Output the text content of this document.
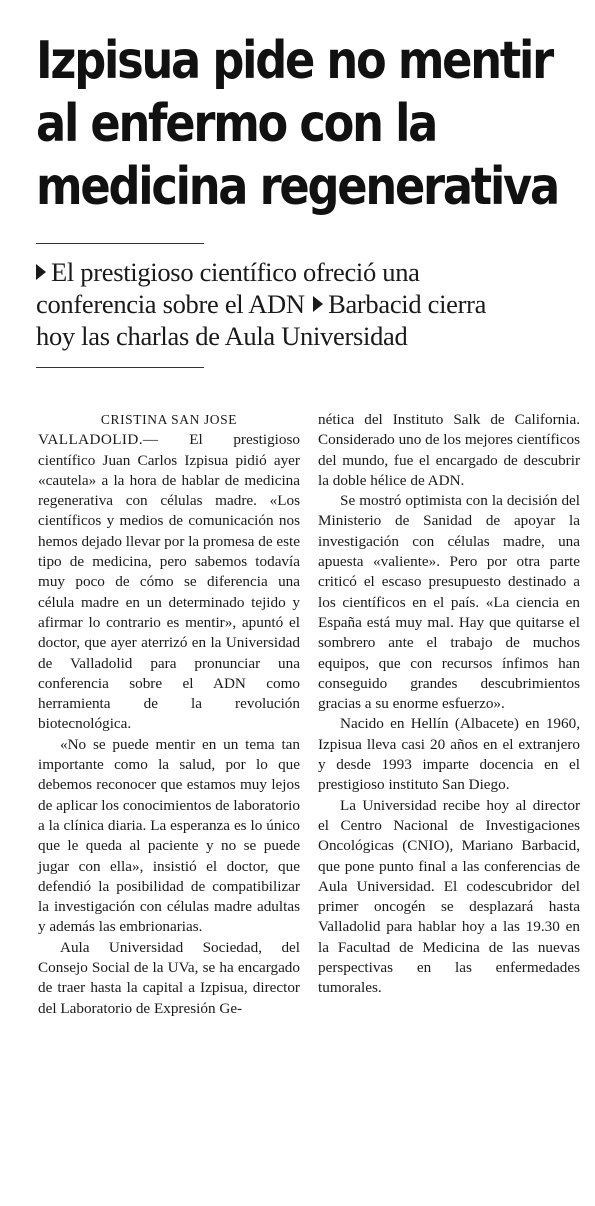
Izpisua pide no mentir
al enfermo con la
medicina regenerativa
El prestigioso científico ofreció una
conferencia sobre el ADN Barbacid cierra
hoy las charlas de Aula Universidad

CRISTINA SAN JOSE

VALLADOLID.— El prestigioso científico Juan Carlos Izpisua pidió ayer «cautela» a la hora de hablar de medicina regenerativa con células madre. «Los científicos y medios de comunicación nos hemos dejado llevar por la promesa de este tipo de medicina, pero sabemos todavía muy poco de cómo se diferencia una célula madre en un determinado tejido y afirmar lo contrario es mentir», apuntó el doctor, que ayer aterrizó en la Universidad de Valladolid para pronunciar una conferencia sobre el ADN como herramienta de la revolución biotecnológica.

«No se puede mentir en un tema tan importante como la salud, por lo que debemos reconocer que estamos muy lejos de aplicar los conocimientos de laboratorio a la clínica diaria. La esperanza es lo único que le queda al paciente y no se puede jugar con ella», insistió el doctor, que defendió la posibilidad de compatibilizar la investigación con células madre adultas y además las embrionarias.

Aula Universidad Sociedad, del Consejo Social de la UVa, se ha encargado de traer hasta la capital a Izpisua, director del Laboratorio de Expresión Ge-

nética del Instituto Salk de California. Considerado uno de los mejores científicos del mundo, fue el encargado de descubrir la doble hélice de ADN.

Se mostró optimista con la decisión del Ministerio de Sanidad de apoyar la investigación con células madre, una apuesta «valiente». Pero por otra parte criticó el escaso presupuesto destinado a los científicos en el país. «La ciencia en España está muy mal. Hay que quitarse el sombrero ante el trabajo de muchos equipos, que con recursos ínfimos han conseguido grandes descubrimientos gracias a su enorme esfuerzo».

Nacido en Hellín (Albacete) en 1960, Izpisua lleva casi 20 años en el extranjero y desde 1993 imparte docencia en el prestigioso instituto San Diego.

La Universidad recibe hoy al director el Centro Nacional de Investigaciones Oncológicas (CNIO), Mariano Barbacid, que pone punto final a las conferencias de Aula Universidad. El codescubridor del primer oncogén se desplazará hasta Valladolid para hablar hoy a las 19.30 en la Facultad de Medicina de las nuevas perspectivas en las enfermedades tumorales.
